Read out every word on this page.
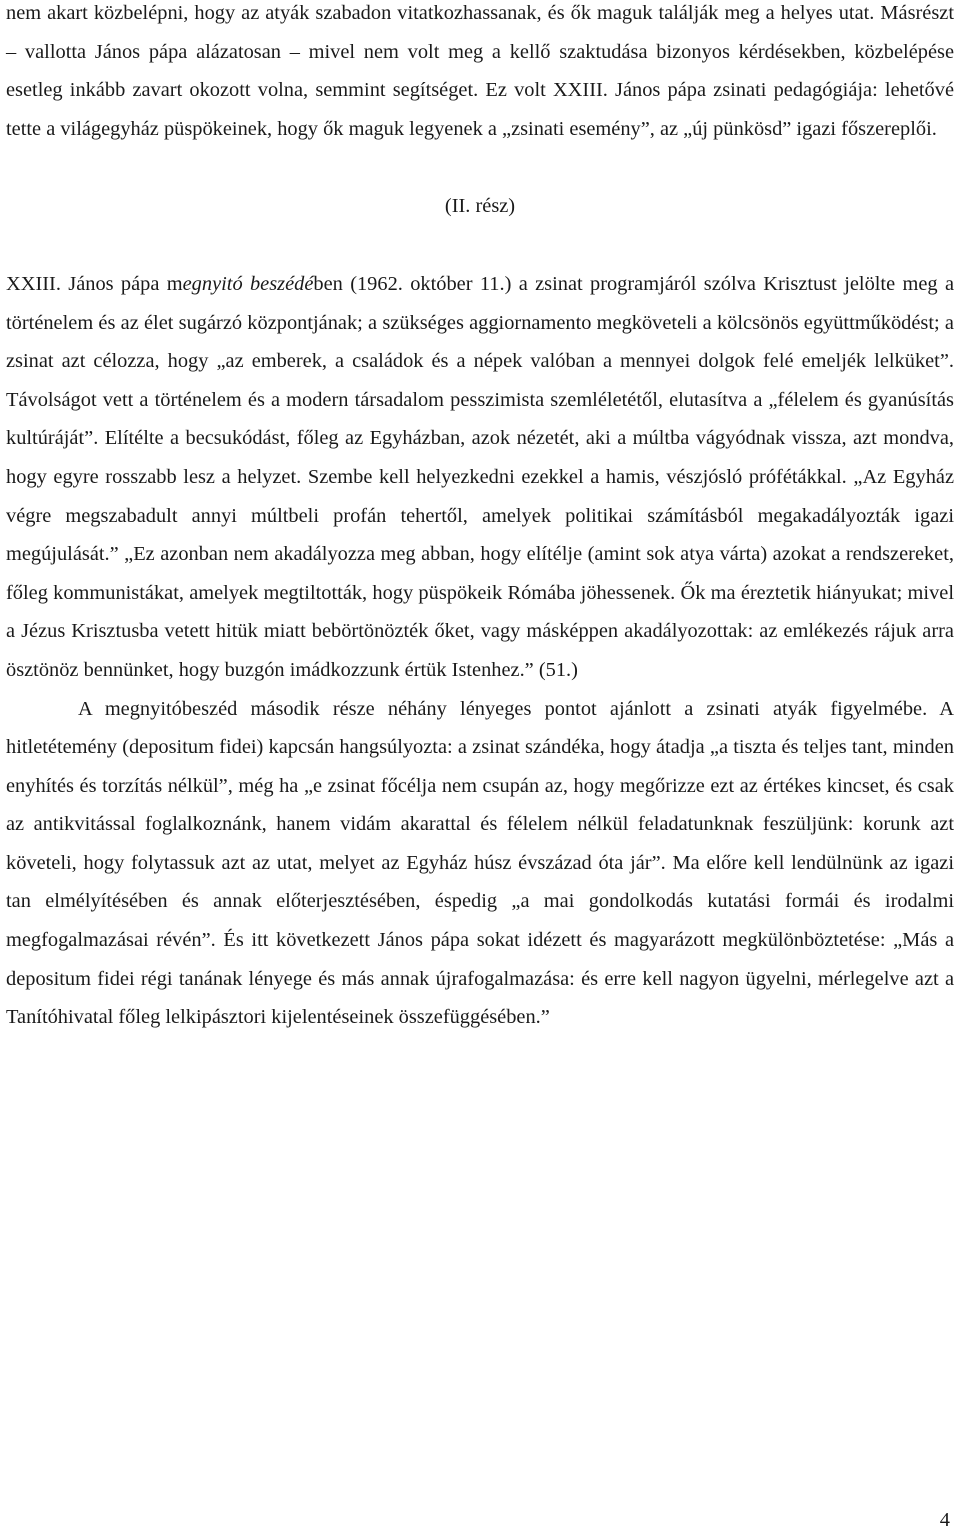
nem akart közbelépni, hogy az atyák szabadon vitatkozhassanak, és ők maguk találják meg a helyes utat. Másrészt – vallotta János pápa alázatosan – mivel nem volt meg a kellő szaktudása bizonyos kérdésekben, közbelépése esetleg inkább zavart okozott volna, semmint segítséget. Ez volt XXIII. János pápa zsinati pedagógiája: lehetővé tette a világegyház püspökeinek, hogy ők maguk legyenek a „zsinati esemény”, az „új pünkösd” igazi főszereplői.

(II. rész)

XXIII. János pápa megnyitó beszédében (1962. október 11.) a zsinat programjáról szólva Krisztust jelölte meg a történelem és az élet sugárzó központjának; a szükséges aggiornamento megköveteli a kölcsönös együttműködést; a zsinat azt célozza, hogy „az emberek, a családok és a népek valóban a mennyei dolgok felé emeljék lelküket”. Távolságot vett a történelem és a modern társadalom pesszimista szemléletétől, elutasítva a „félelem és gyanúsítás kultúráját”. Elítélte a becsukódást, főleg az Egyházban, azok nézetét, aki a múltba vágyódnak vissza, azt mondva, hogy egyre rosszabb lesz a helyzet. Szembe kell helyezkedni ezekkel a hamis, vészjósló prófétákkal. „Az Egyház végre megszabadult annyi múltbeli profán tehertől, amelyek politikai számításból megakadályozták igazi megújulását.” „Ez azonban nem akadályozza meg abban, hogy elítélje (amint sok atya várta) azokat a rendszereket, főleg kommunistákat, amelyek megtiltották, hogy püspökeik Rómába jöhessenek. Ők ma éreztetik hiányukat; mivel a Jézus Krisztusba vetett hitük miatt bebörtönözték őket, vagy másképpen akadályozottak: az emlékezés rájuk arra ösztönöz bennünket, hogy buzgón imádkozzunk értük Istenhez.” (51.)

A megnyitóbeszéd második része néhány lényeges pontot ajánlott a zsinati atyák figyelmébe. A hitletétemény (depositum fidei) kapcsán hangsúlyozta: a zsinat szándéka, hogy átadja „a tiszta és teljes tant, minden enyhítés és torzítás nélkül”, még ha „e zsinat főcélja nem csupán az, hogy megőrizze ezt az értékes kincset, és csak az antikvitással foglalkoznánk, hanem vidám akarattal és félelem nélkül feladatunknak feszüljünk: korunk azt követeli, hogy folytassuk azt az utat, melyet az Egyház húsz évszázad óta jár”. Ma előre kell lendülnünk az igazi tan elmélyítésében és annak előterjesztésében, éspedig „a mai gondolkodás kutatási formái és irodalmi megfogalmazásai révén”. És itt következett János pápa sokat idézett és magyarázott megkülönböztetése: „Más a depositum fidei régi tanának lényege és más annak újrafogalmazása: és erre kell nagyon ügyelni, mérlegelve azt a Tanítóhivatal főleg lelkipásztori kijelentéseinek összefüggésében.”

4
